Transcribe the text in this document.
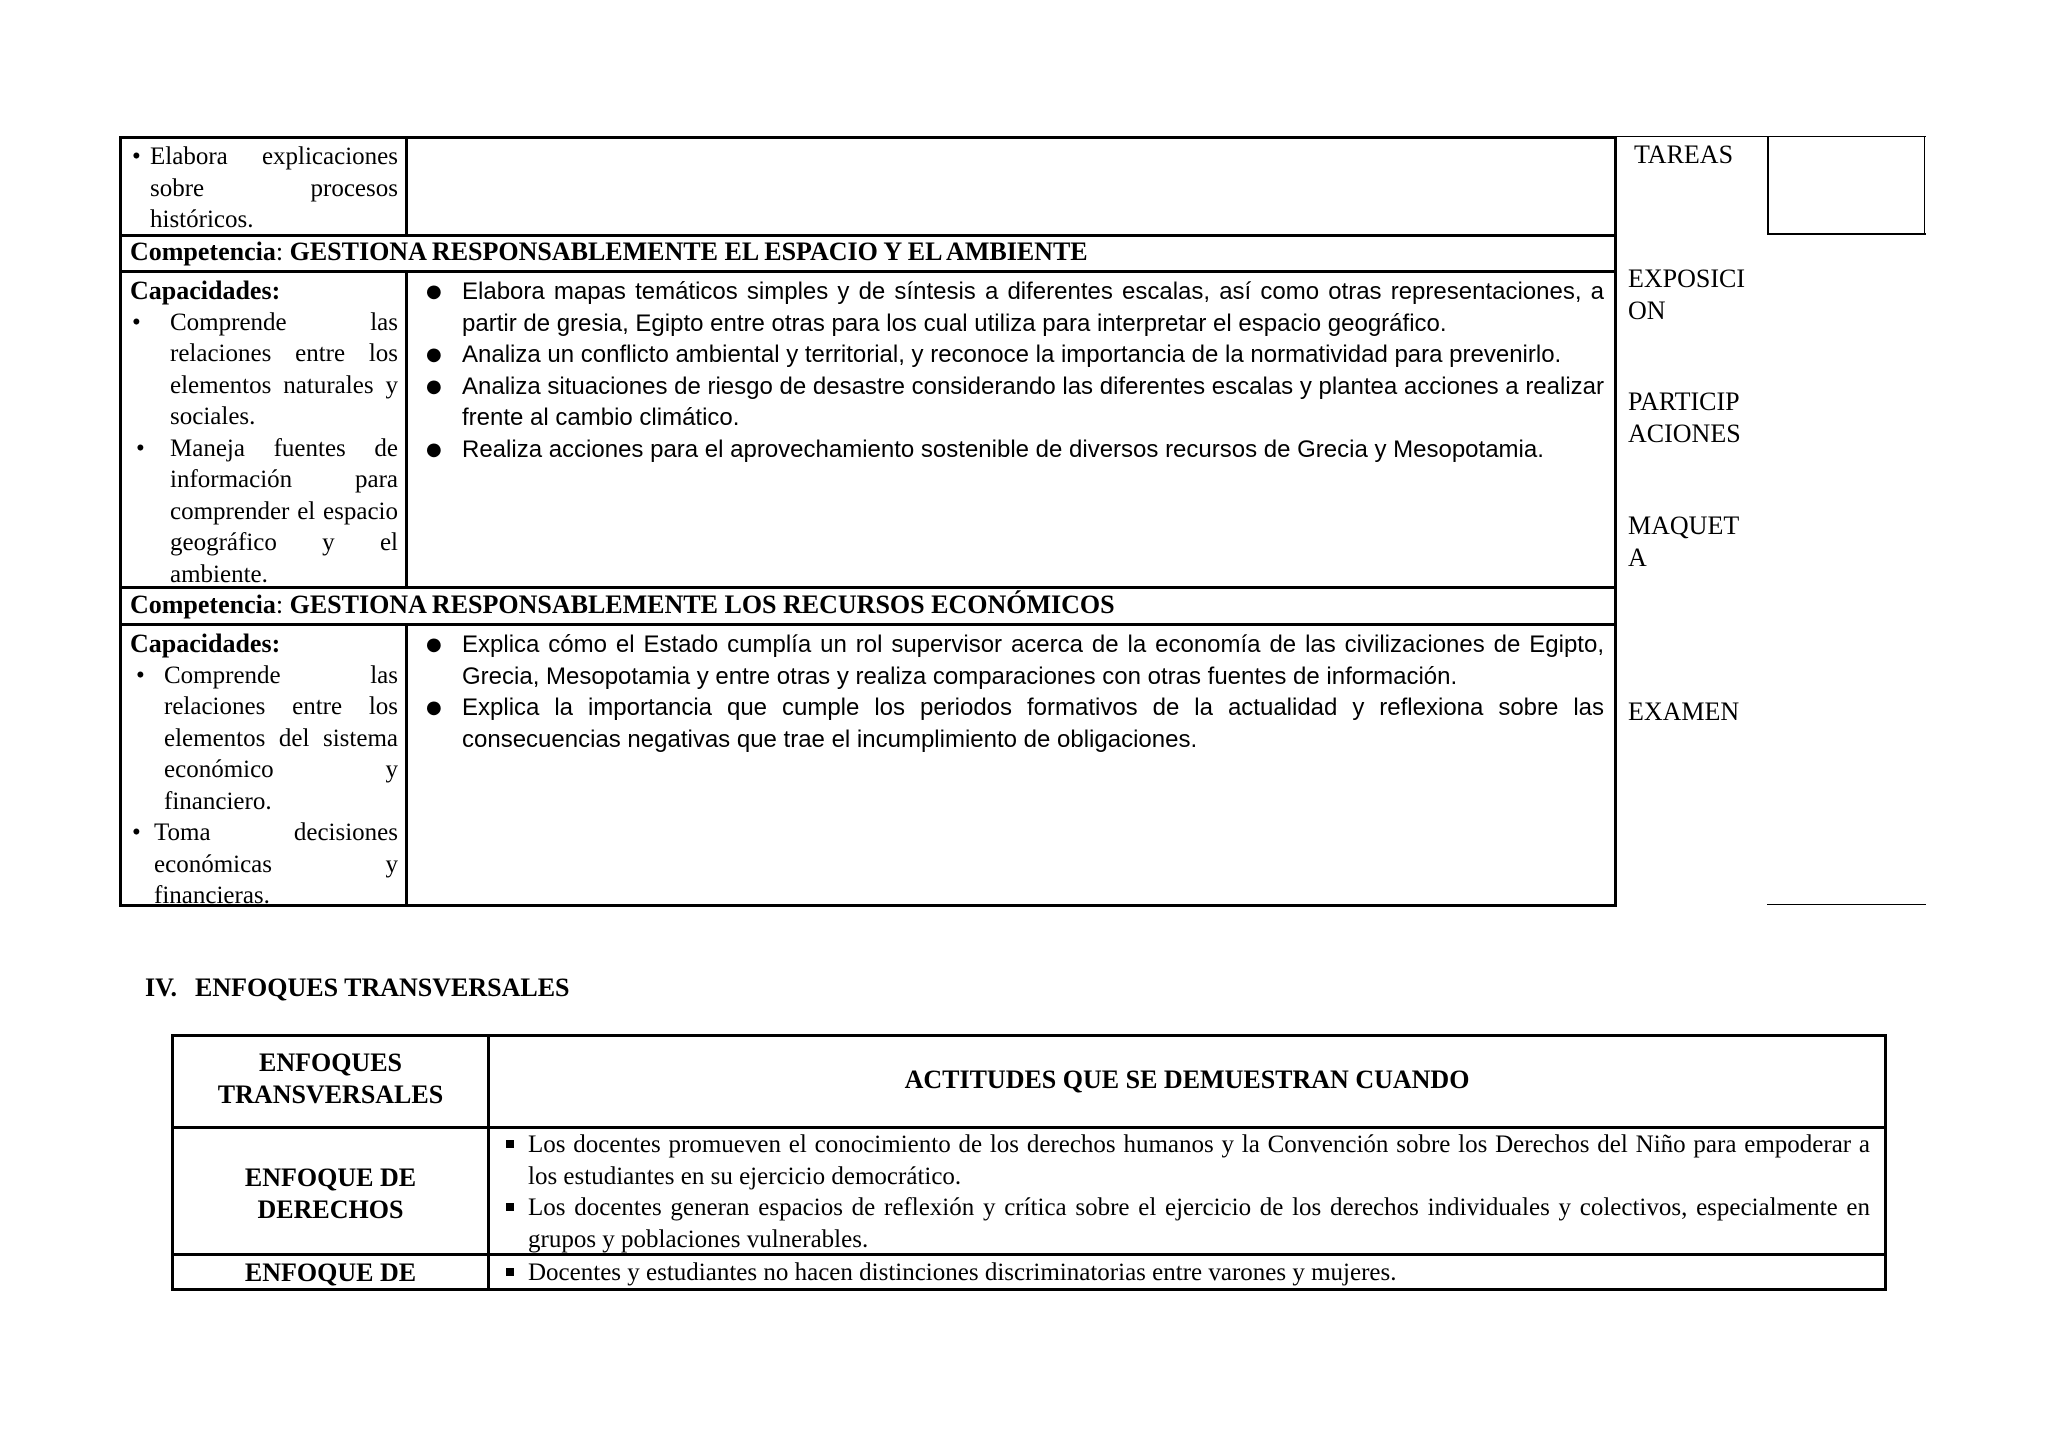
• Elabora explicaciones sobre procesos históricos.
Competencia: GESTIONA RESPONSABLEMENTE EL ESPACIO Y EL AMBIENTE
Capacidades:
• Comprende las relaciones entre los elementos naturales y sociales.
• Maneja fuentes de información para comprender el espacio geográfico y el ambiente.
● Elabora mapas temáticos simples y de síntesis a diferentes escalas, así como otras representaciones, a partir de gresia, Egipto entre otras para los cual utiliza para interpretar el espacio geográfico.
● Analiza un conflicto ambiental y territorial, y reconoce la importancia de la normatividad para prevenirlo.
● Analiza situaciones de riesgo de desastre considerando las diferentes escalas y plantea acciones a realizar frente al cambio climático.
● Realiza acciones para el aprovechamiento sostenible de diversos recursos de Grecia y Mesopotamia.
Competencia: GESTIONA RESPONSABLEMENTE LOS RECURSOS ECONÓMICOS
Capacidades:
• Comprende las relaciones entre los elementos del sistema económico y financiero.
• Toma decisiones económicas y financieras.
● Explica cómo el Estado cumplía un rol supervisor acerca de la economía de las civilizaciones de Egipto, Grecia, Mesopotamia y entre otras y realiza comparaciones con otras fuentes de información.
● Explica la importancia que cumple los periodos formativos de la actualidad y reflexiona sobre las consecuencias negativas que trae el incumplimiento de obligaciones.
TAREAS
EXPOSICI
ON
PARTICIP
ACIONES
MAQUET
A
EXAMEN
IV. ENFOQUES TRANSVERSALES
ENFOQUES
TRANSVERSALES
ACTITUDES QUE SE DEMUESTRAN CUANDO
ENFOQUE DE
DERECHOS
Los docentes promueven el conocimiento de los derechos humanos y la Convención sobre los Derechos del Niño para empoderar a los estudiantes en su ejercicio democrático.
Los docentes generan espacios de reflexión y crítica sobre el ejercicio de los derechos individuales y colectivos, especialmente en grupos y poblaciones vulnerables.
ENFOQUE DE	Docentes y estudiantes no hacen distinciones discriminatorias entre varones y mujeres.
